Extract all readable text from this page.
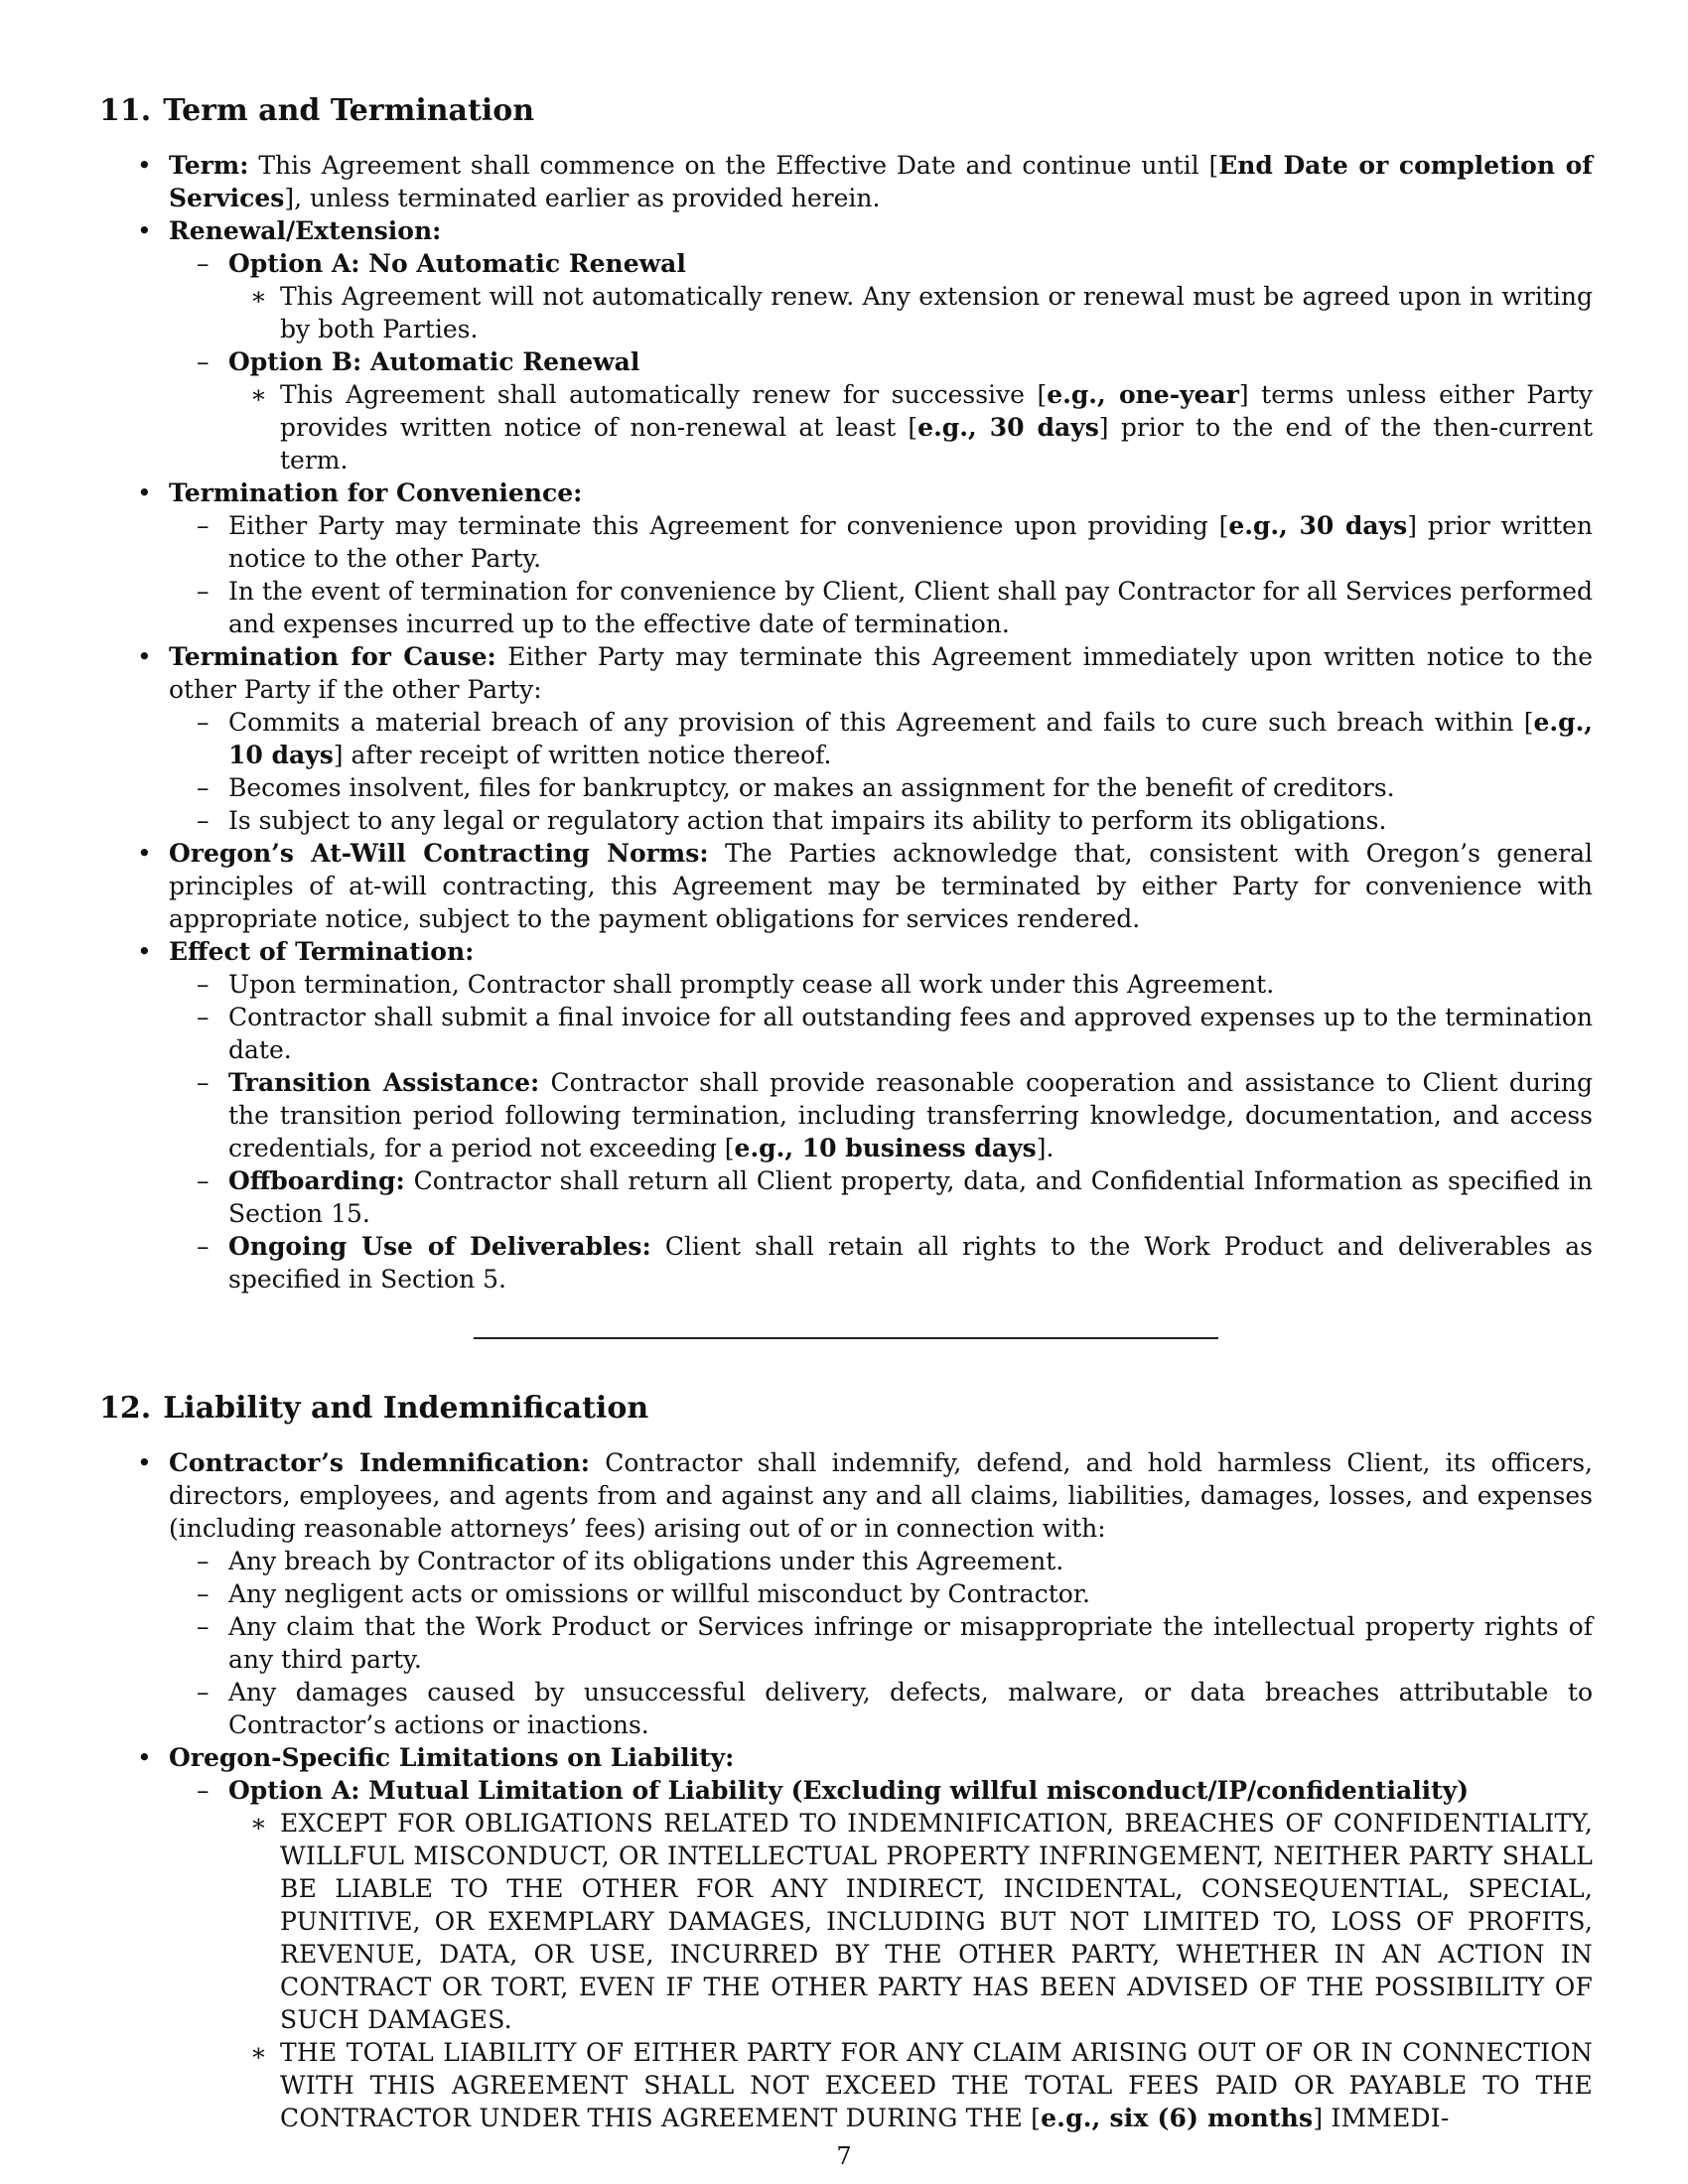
11. Term and Termination

• Term: This Agreement shall commence on the Effective Date and continue until [End Date or completion of Services], unless terminated earlier as provided herein.

• Renewal/Extension:

– Option A: No Automatic Renewal

∗ This Agreement will not automatically renew. Any extension or renewal must be agreed upon in writing by both Parties.

– Option B: Automatic Renewal

∗ This Agreement shall automatically renew for successive [e.g., one-year] terms unless either Party provides written notice of non-renewal at least [e.g., 30 days] prior to the end of the then-current term.

• Termination for Convenience:

– Either Party may terminate this Agreement for convenience upon providing [e.g., 30 days] prior written notice to the other Party.

– In the event of termination for convenience by Client, Client shall pay Contractor for all Services performed and expenses incurred up to the effective date of termination.

• Termination for Cause: Either Party may terminate this Agreement immediately upon written notice to the other Party if the other Party:

– Commits a material breach of any provision of this Agreement and fails to cure such breach within [e.g., 10 days] after receipt of written notice thereof.

– Becomes insolvent, files for bankruptcy, or makes an assignment for the benefit of creditors.

– Is subject to any legal or regulatory action that impairs its ability to perform its obligations.

• Oregon’s At-Will Contracting Norms: The Parties acknowledge that, consistent with Oregon’s general principles of at-will contracting, this Agreement may be terminated by either Party for convenience with appropriate notice, subject to the payment obligations for services rendered.

• Effect of Termination:

– Upon termination, Contractor shall promptly cease all work under this Agreement.

– Contractor shall submit a final invoice for all outstanding fees and approved expenses up to the termination date.

– Transition Assistance: Contractor shall provide reasonable cooperation and assistance to Client during the transition period following termination, including transferring knowledge, documentation, and access credentials, for a period not exceeding [e.g., 10 business days].

– Offboarding: Contractor shall return all Client property, data, and Confidential Information as specified in Section 15.

– Ongoing Use of Deliverables: Client shall retain all rights to the Work Product and deliverables as specified in Section 5.

12. Liability and Indemnification

• Contractor’s Indemnification: Contractor shall indemnify, defend, and hold harmless Client, its officers, directors, employees, and agents from and against any and all claims, liabilities, damages, losses, and expenses (including reasonable attorneys’ fees) arising out of or in connection with:

– Any breach by Contractor of its obligations under this Agreement.

– Any negligent acts or omissions or willful misconduct by Contractor.

– Any claim that the Work Product or Services infringe or misappropriate the intellectual property rights of any third party.

– Any damages caused by unsuccessful delivery, defects, malware, or data breaches attributable to Contractor’s actions or inactions.

• Oregon-Specific Limitations on Liability:

– Option A: Mutual Limitation of Liability (Excluding willful misconduct/IP/confidentiality)

∗ EXCEPT FOR OBLIGATIONS RELATED TO INDEMNIFICATION, BREACHES OF CONFIDENTIALITY, WILLFUL MISCONDUCT, OR INTELLECTUAL PROPERTY INFRINGEMENT, NEITHER PARTY SHALL BE LIABLE TO THE OTHER FOR ANY INDIRECT, INCIDENTAL, CONSEQUENTIAL, SPECIAL, PUNITIVE, OR EXEMPLARY DAMAGES, INCLUDING BUT NOT LIMITED TO, LOSS OF PROFITS, REVENUE, DATA, OR USE, INCURRED BY THE OTHER PARTY, WHETHER IN AN ACTION IN CONTRACT OR TORT, EVEN IF THE OTHER PARTY HAS BEEN ADVISED OF THE POSSIBILITY OF SUCH DAMAGES.

∗ THE TOTAL LIABILITY OF EITHER PARTY FOR ANY CLAIM ARISING OUT OF OR IN CONNECTION WITH THIS AGREEMENT SHALL NOT EXCEED THE TOTAL FEES PAID OR PAYABLE TO THE CONTRACTOR UNDER THIS AGREEMENT DURING THE [e.g., six (6) months] IMMEDI-

7
